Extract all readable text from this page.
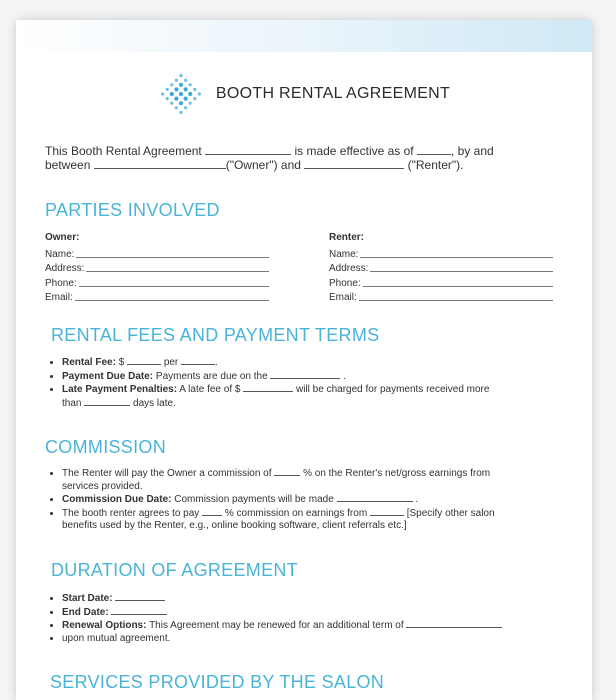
BOOTH RENTAL AGREEMENT
This Booth Rental Agreement	is made effective as of	, by and
between	("Owner") and	("Renter").
PARTIES INVOLVED
Owner:
Name:
Address:
Phone:
Email:
Renter:
Name:
Address:
Phone:
Email:
RENTAL FEES AND PAYMENT TERMS
• Rental Fee: $	per	.
• Payment Due Date: Payments are due on the	.
• Late Payment Penalties: A late fee of $	will be charged for payments received more
than	days late.
COMMISSION
• The Renter will pay the Owner a commission of	% on the Renter's net/gross earnings from
services provided.
• Commission Due Date: Commission payments will be made	.
• The booth renter agrees to pay	% commission on earnings from	[Specify other salon
benefits used by the Renter, e.g., online booking software, client referrals etc.]
DURATION OF AGREEMENT
• Start Date:
• End Date:
• Renewal Options: This Agreement may be renewed for an additional term of
• upon mutual agreement.
SERVICES PROVIDED BY THE SALON
